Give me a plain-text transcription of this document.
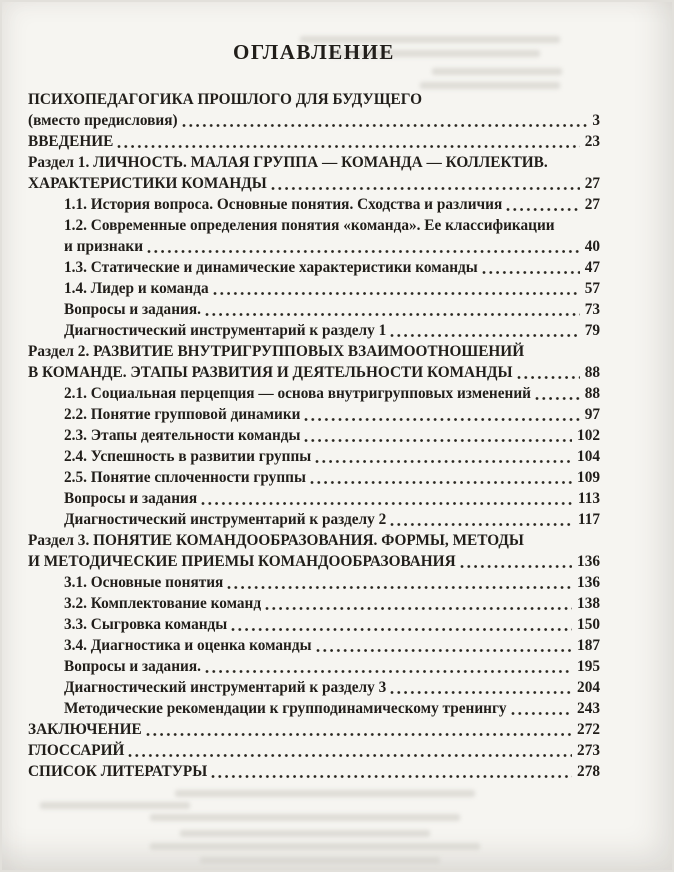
ОГЛАВЛЕНИЕ
ПСИХОПЕДАГОГИКА ПРОШЛОГО ДЛЯ БУДУЩЕГО
(вместо предисловия)	3
ВВЕДЕНИЕ	23
Раздел 1. ЛИЧНОСТЬ. МАЛАЯ ГРУППА — КОМАНДА — КОЛЛЕКТИВ.
ХАРАКТЕРИСТИКИ КОМАНДЫ	27
1.1. История вопроса. Основные понятия. Сходства и различия	27
1.2. Современные определения понятия «команда». Ее классификации
и признаки	40
1.3. Статические и динамические характеристики команды	47
1.4. Лидер и команда	57
Вопросы и задания.	73
Диагностический инструментарий к разделу 1	79
Раздел 2. РАЗВИТИЕ ВНУТРИГРУППОВЫХ ВЗАИМООТНОШЕНИЙ
В КОМАНДЕ. ЭТАПЫ РАЗВИТИЯ И ДЕЯТЕЛЬНОСТИ КОМАНДЫ	88
2.1. Социальная перцепция — основа внутригрупповых изменений	88
2.2. Понятие групповой динамики	97
2.3. Этапы деятельности команды	102
2.4. Успешность в развитии группы	104
2.5. Понятие сплоченности группы	109
Вопросы и задания	113
Диагностический инструментарий к разделу 2	117
Раздел 3. ПОНЯТИЕ КОМАНДООБРАЗОВАНИЯ. ФОРМЫ, МЕТОДЫ
И МЕТОДИЧЕСКИЕ ПРИЕМЫ КОМАНДООБРАЗОВАНИЯ	136
3.1. Основные понятия	136
3.2. Комплектование команд	138
3.3. Сыгровка команды	150
3.4. Диагностика и оценка команды	187
Вопросы и задания.	195
Диагностический инструментарий к разделу 3	204
Методические рекомендации к групподинамическому тренингу	243
ЗАКЛЮЧЕНИЕ	272
ГЛОССАРИЙ	273
СПИСОК ЛИТЕРАТУРЫ	278
